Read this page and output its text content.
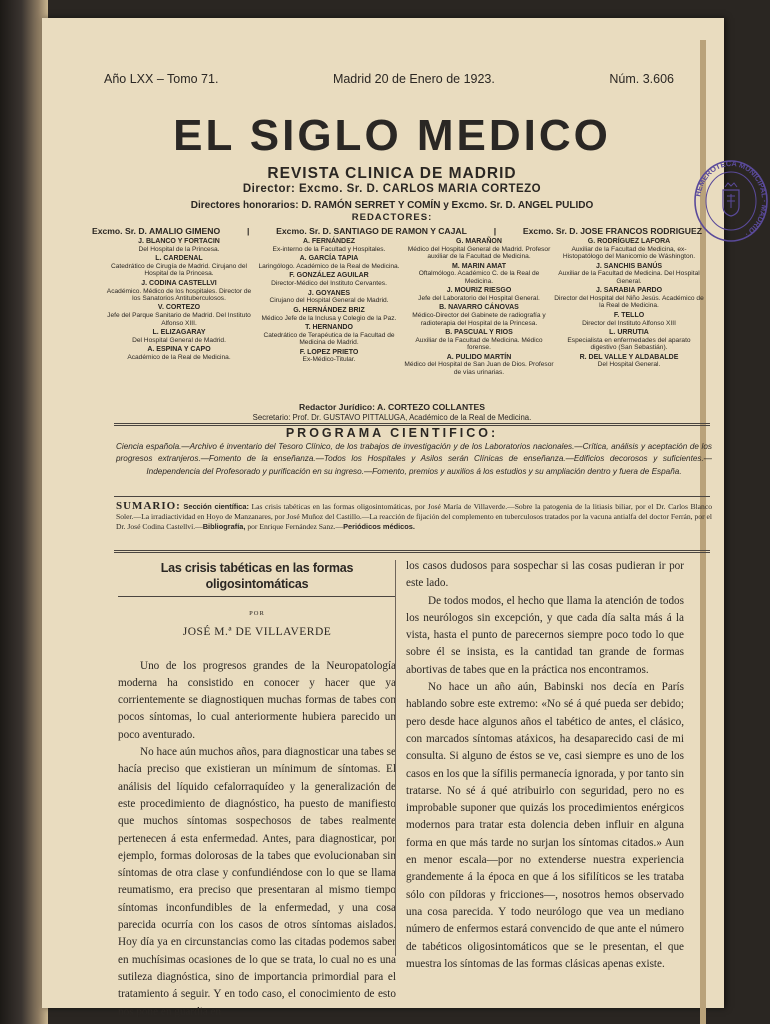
Año LXX – Tomo 71.	Madrid 20 de Enero de 1923.	Núm. 3.606
EL SIGLO MEDICO
REVISTA CLINICA DE MADRID
Director: Excmo. Sr. D. CARLOS MARIA CORTEZO
Directores honorarios: D. RAMÓN SERRET Y COMÍN y Excmo. Sr. D. ANGEL PULIDO
REDACTORES:
Excmo. Sr. D. AMALIO GIMENO	|	Excmo. Sr. D. SANTIAGO DE RAMON Y CAJAL	|	Excmo. Sr. D. JOSE FRANCOS RODRIGUEZ
J. BLANCO Y FORTACIN
Del Hospital de la Princesa.
L. CARDENAL
Catedrático de Cirugía de Madrid. Cirujano del Hospital de la Princesa.
J. CODINA CASTELLVI
Académico. Médico de los hospitales. Director de los Sanatorios Antituberculosos.
V. CORTEZO
Jefe del Parque Sanitario de Madrid. Del Instituto Alfonso XIII.
L. ELIZAGARAY
Del Hospital General de Madrid.
A. ESPINA Y CAPO
Académico de la Real de Medicina.
A. FERNÁNDEZ
Ex-interno de la Facultad y Hospitales.
A. GARCÍA TAPIA
Laringólogo. Académico de la Real de Medicina.
F. GONZÁLEZ AGUILAR
Director-Médico del Instituto Cervantes.
J. GOYANES
Cirujano del Hospital General de Madrid.
G. HERNÁNDEZ BRIZ
Médico Jefe de la Inclusa y Colegio de la Paz.
T. HERNANDO
Catedrático de Terapéutica de la Facultad de Medicina de Madrid.
F. LOPEZ PRIETO
Ex-Médico-Titular.
G. MARAÑON
Médico del Hospital General de Madrid. Profesor auxiliar de la Facultad de Medicina.
M. MARIN AMAT
Oftalmólogo. Académico C. de la Real de Medicina.
J. MOURIZ RIESGO
Jefe del Laboratorio del Hospital General.
B. NAVARRO CÁNOVAS
Médico-Director del Gabinete de radiografía y radioterapia del Hospital de la Princesa.
B. PASCUAL Y RIOS
Auxiliar de la Facultad de Medicina. Médico forense.
A. PULIDO MARTÍN
Médico del Hospital de San Juan de Dios. Profesor de vías urinarias.
G. RODRÍGUEZ LAFORA
Auxiliar de la Facultad de Medicina, ex-Histopatólogo del Manicomio de Wáshington.
J. SANCHIS BANÚS
Auxiliar de la Facultad de Medicina. Del Hospital General.
J. SARABIA PARDO
Director del Hospital del Niño Jesús. Académico de la Real de Medicina.
F. TELLO
Director del Instituto Alfonso XIII
L. URRUTIA
Especialista en enfermedades del aparato digestivo (San Sebastián).
R. DEL VALLE Y ALDABALDE
Del Hospital General.
Redactor Jurídico: A. CORTEZO COLLANTES
Secretario: Prof. Dr. GUSTAVO PITTALUGA, Académico de la Real de Medicina.
PROGRAMA CIENTIFICO:
Ciencia española.—Archivo é inventario del Tesoro Clínico, de los trabajos de investigación y de los Laboratorios nacionales.—Crítica, análisis y aceptación de los progresos extranjeros.—Fomento de la enseñanza.—Todos los Hospitales y Asilos serán Clínicas de enseñanza.—Edificios decorosos y suficientes.—Independencia del Profesorado y purificación en su ingreso.—Fomento, premios y auxilios á los estudios y su ampliación dentro y fuera de España.
SUMARIO: Sección científica: Las crisis tabéticas en las formas oligosintomáticas, por José María de Villaverde.—Sobre la patogenia de la litiasis biliar, por el Dr. Carlos Blanco Soler.—La irradiactividad en Hoyo de Manzanares, por José Muñoz del Castillo.—La reacción de fijación del complemento en tuberculosos tratados por la vacuna antialfa del doctor Ferrán, por el Dr. José Codina Castellví.—Bibliografía, por Enrique Fernández Sanz.—Periódicos médicos.
Las crisis tabéticas en las formas oligosintomáticas
POR
JOSÉ M.ª DE VILLAVERDE

Uno de los progresos grandes de la Neuropatología moderna ha consistido en conocer y hacer que ya corrientemente se diagnostiquen muchas formas de tabes con pocos síntomas, lo cual anteriormente hubiera parecido un poco aventurado.

No hace aún muchos años, para diagnosticar una tabes se hacía preciso que existieran un mínimum de síntomas. El análisis del líquido cefalorraquídeo y la generalización de este procedimiento de diagnóstico, ha puesto de manifiesto que muchos síntomas sospechosos de tabes realmente pertenecen á esta enfermedad. Antes, para diagnosticar, por ejemplo, formas dolorosas de la tabes que evolucionaban sin síntomas de otra clase y confundiéndose con lo que se llama reumatismo, era preciso que presentaran al mismo tiempo síntomas inconfundibles de la enfermedad, y una cosa parecida ocurría con los casos de otros síntomas aislados. Hoy día ya en circunstancias como las citadas podemos saber en muchísimas ocasiones de lo que se trata, lo cual no es una sutileza diagnóstica, sino de importancia primordial para el tratamiento á seguir. Y en todo caso, el conocimiento de esto nos pone en guardia en

los casos dudosos para sospechar si las cosas pudieran ir por este lado.

De todos modos, el hecho que llama la atención de todos los neurólogos sin excepción, y que cada día salta más á la vista, hasta el punto de parecernos siempre poco todo lo que sobre él se insista, es la cantidad tan grande de formas abortivas de tabes que en la práctica nos encontramos.

No hace un año aún, Babinski nos decía en París hablando sobre este extremo: «No sé á qué pueda ser debido; pero desde hace algunos años el tabético de antes, el clásico, con marcados síntomas atáxicos, ha desaparecido casi de mi consulta. Si alguno de éstos se ve, casi siempre es uno de los casos en los que la sífilis permanecía ignorada, y por tanto sin tratarse. No sé á qué atribuirlo con seguridad, pero no es improbable suponer que quizás los procedimientos enérgicos modernos para tratar esta dolencia deben influir en alguna forma en que más tarde no surjan los síntomas citados.» Aun en menor escala—por no extenderse nuestra experiencia grandemente á la época en que á los sifilíticos se les trataba sólo con píldoras y fricciones—, nosotros hemos observado una cosa parecida. Y todo neurólogo que vea un mediano número de enfermos estará convencido de que ante el número de tabéticos oligosintomáticos que se le presentan, el que muestra los síntomas de las formas clásicas apenas existe.

HEMEROTECA MUNICIPAL · MADRID ·
